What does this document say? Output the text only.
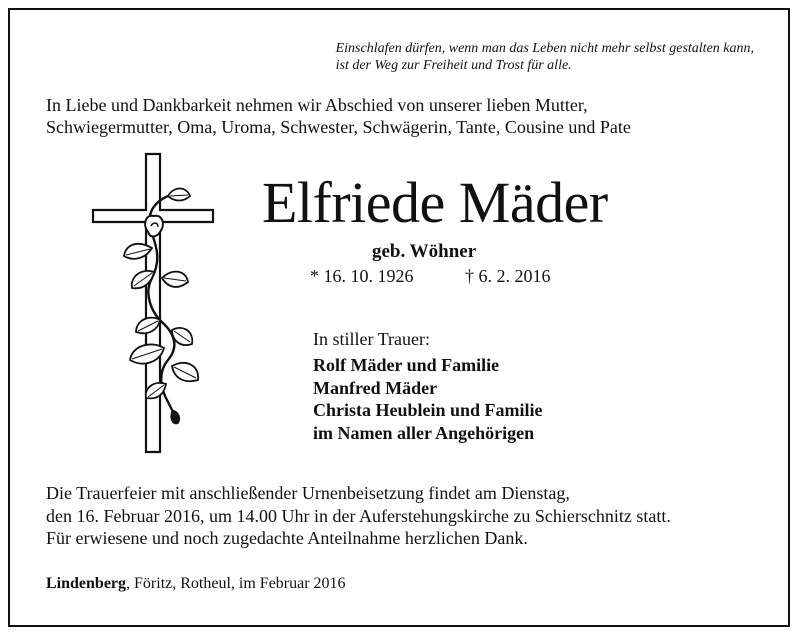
Einschlafen dürfen, wenn man das Leben nicht mehr selbst gestalten kann,

ist der Weg zur Freiheit und Trost für alle.

In Liebe und Dankbarkeit nehmen wir Abschied von unserer lieben Mutter,

Schwiegermutter, Oma, Uroma, Schwester, Schwägerin, Tante, Cousine und Pate

Elfriede Mäder
geb. Wöhner
* 16. 10. 1926	† 6. 2. 2016
In stiller Trauer:
Rolf Mäder und Familie
Manfred Mäder
Christa Heublein und Familie
im Namen aller Angehörigen

Die Trauerfeier mit anschließender Urnenbeisetzung findet am Dienstag,

den 16. Februar 2016, um 14.00 Uhr in der Auferstehungskirche zu Schierschnitz statt.

Für erwiesene und noch zugedachte Anteilnahme herzlichen Dank.

Lindenberg, Föritz, Rotheul, im Februar 2016
